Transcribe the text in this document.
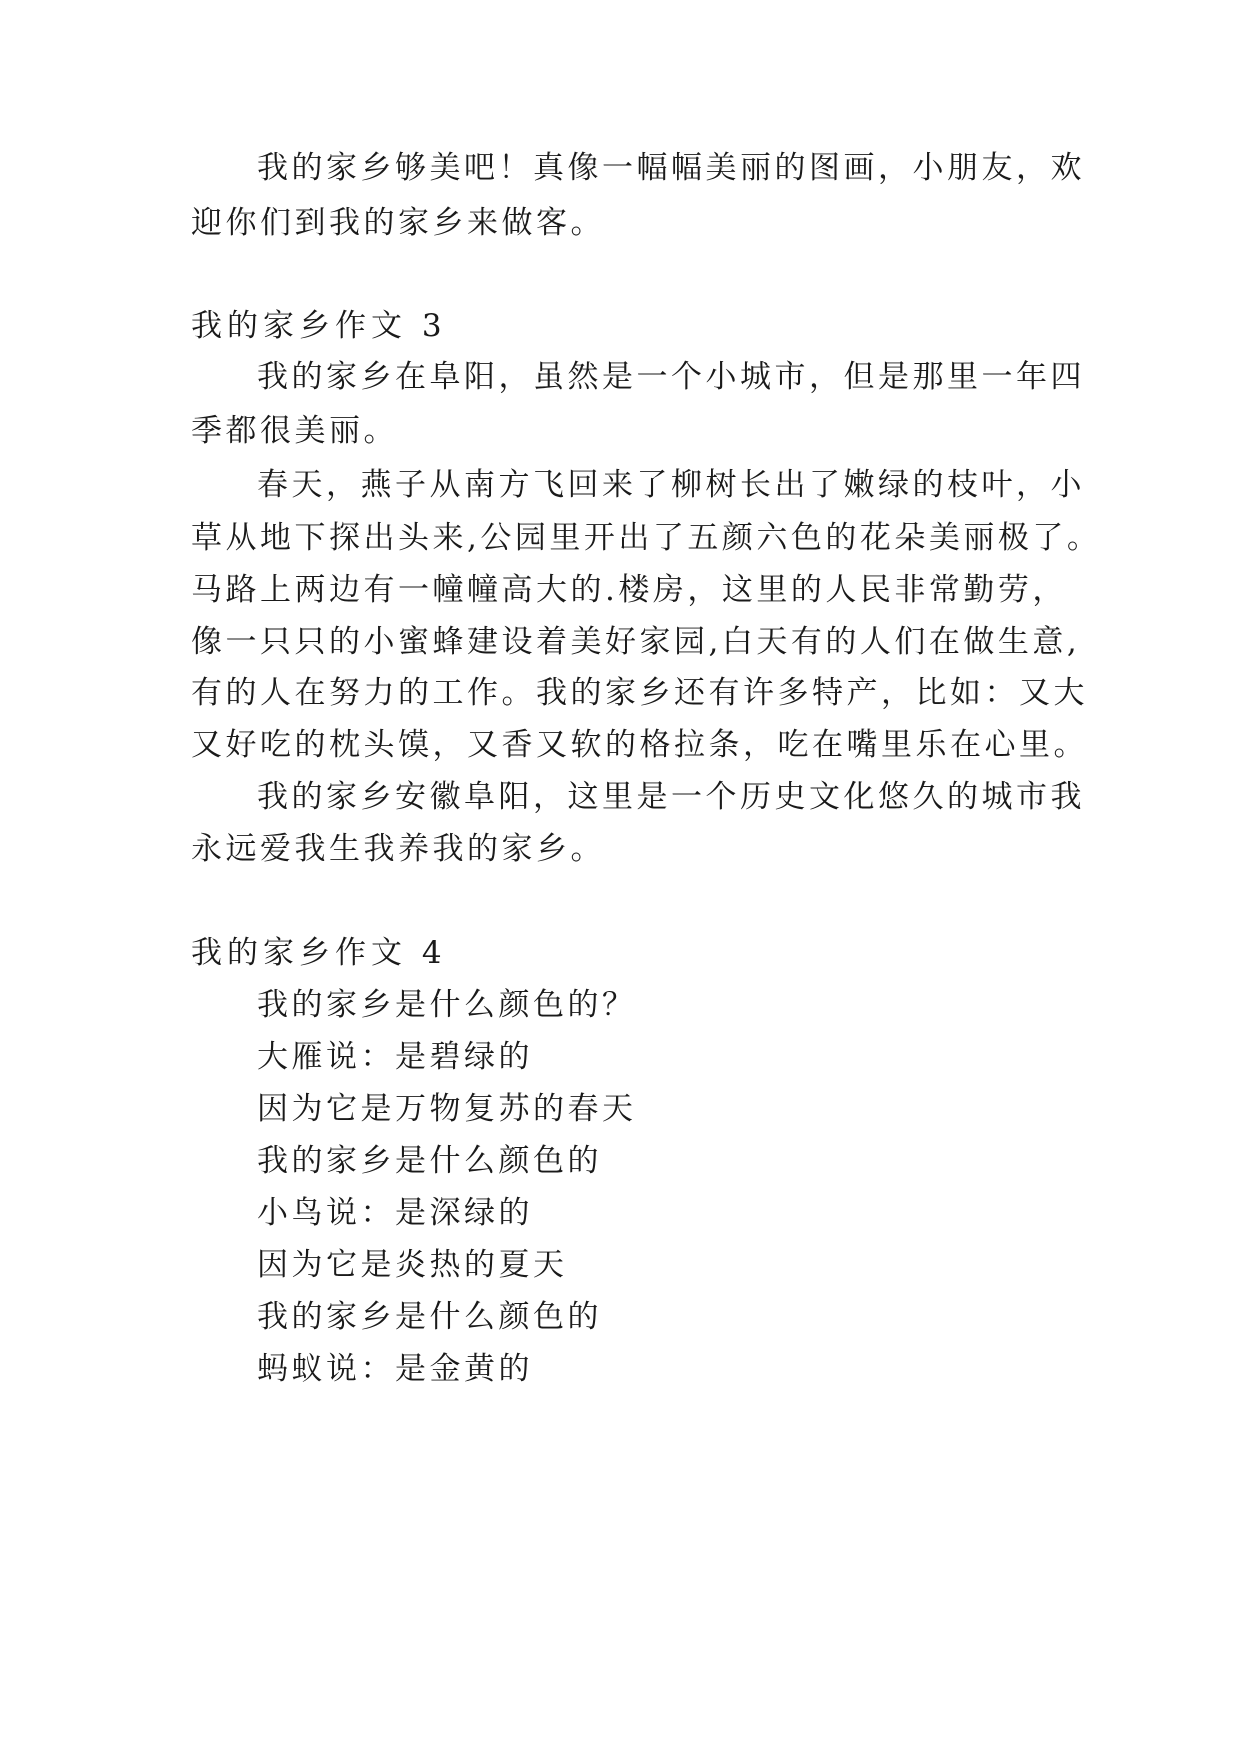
我的家乡够美吧！真像一幅幅美丽的图画，小朋友，欢
迎你们到我的家乡来做客。
我的家乡作文 3
我的家乡在阜阳，虽然是一个小城市，但是那里一年四
季都很美丽。
春天，燕子从南方飞回来了柳树长出了嫩绿的枝叶，小
草从地下探出头来,公园里开出了五颜六色的花朵美丽极了。
马路上两边有一幢幢高大的.楼房，这里的人民非常勤劳，
像一只只的小蜜蜂建设着美好家园,白天有的人们在做生意,
有的人在努力的工作。我的家乡还有许多特产，比如：又大
又好吃的枕头馍，又香又软的格拉条，吃在嘴里乐在心里。
我的家乡安徽阜阳，这里是一个历史文化悠久的城市我
永远爱我生我养我的家乡。
我的家乡作文 4
我的家乡是什么颜色的？
大雁说：是碧绿的
因为它是万物复苏的春天
我的家乡是什么颜色的
小鸟说：是深绿的
因为它是炎热的夏天
我的家乡是什么颜色的
蚂蚁说：是金黄的
